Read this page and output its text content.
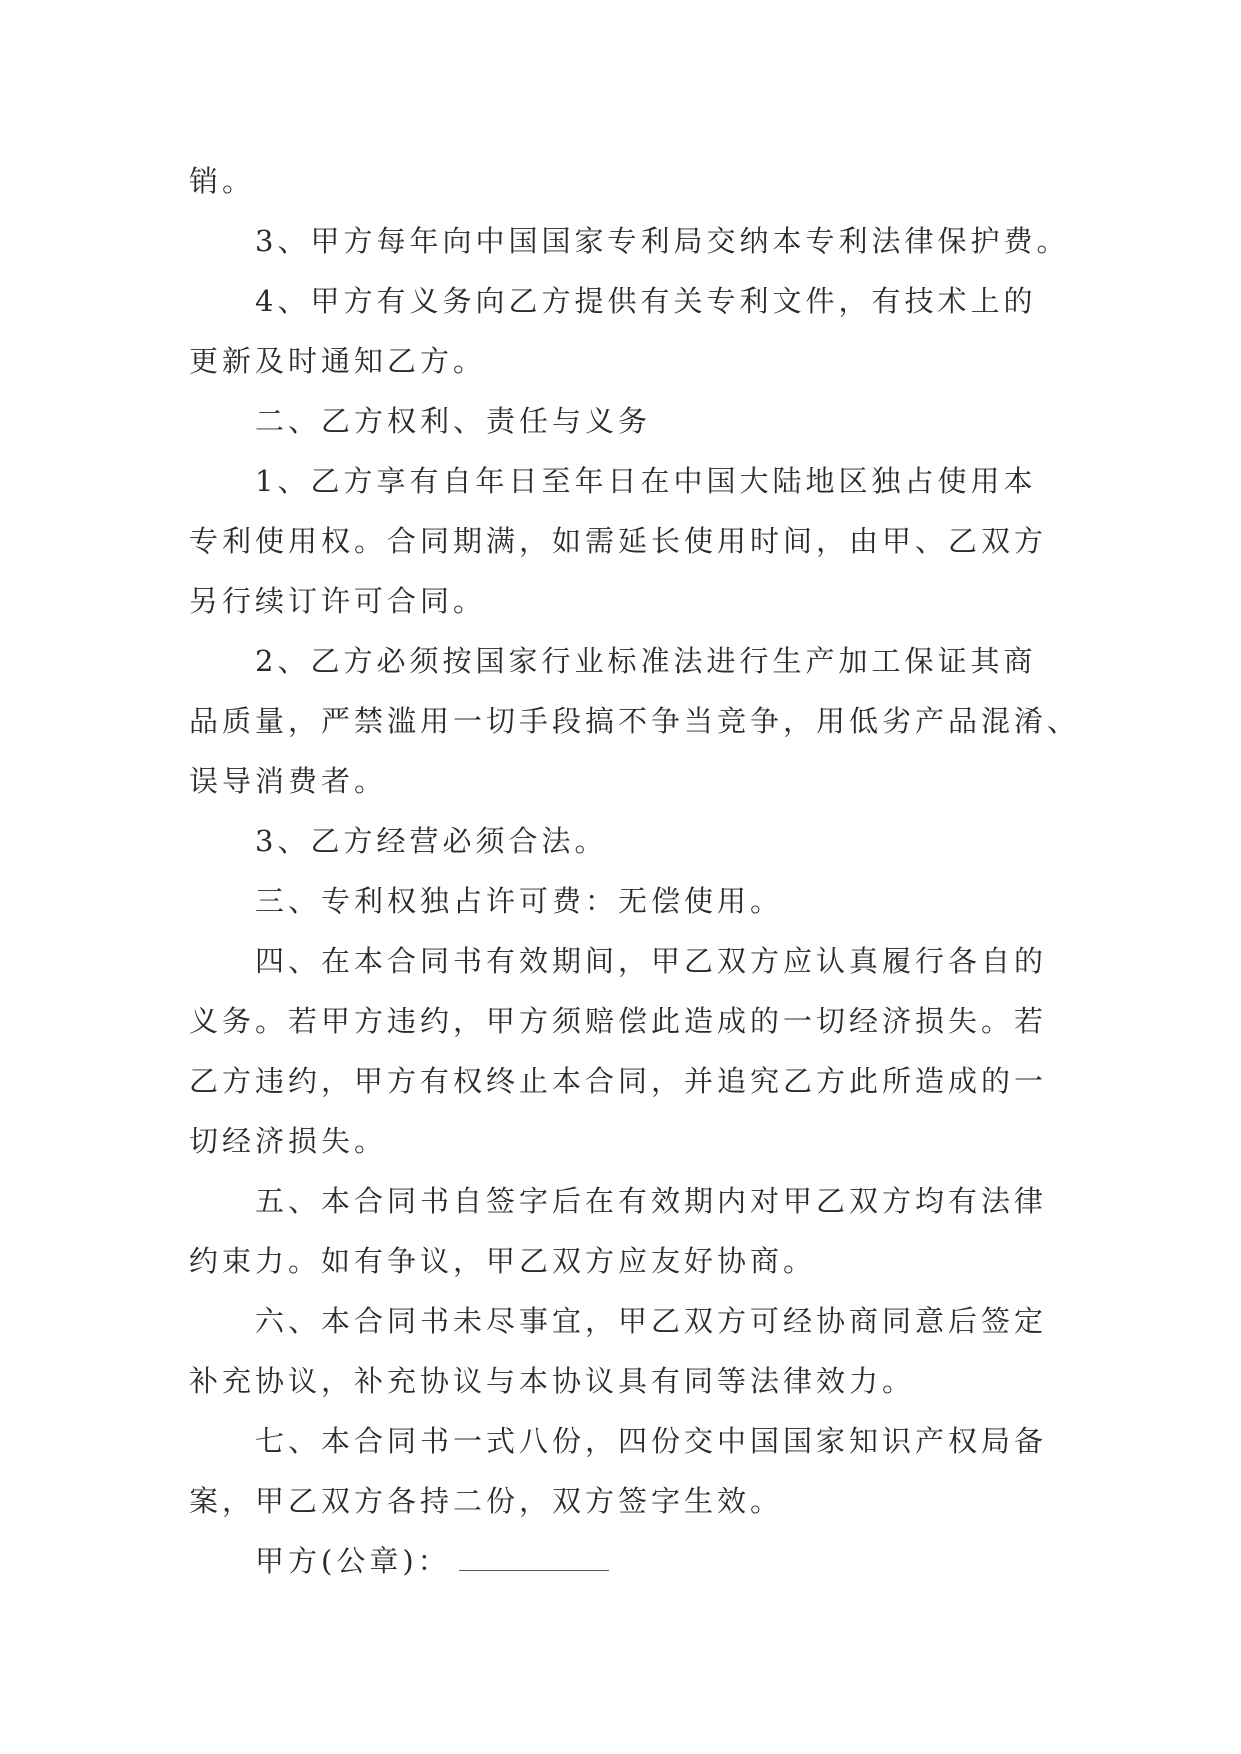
销。
3、甲方每年向中国国家专利局交纳本专利法律保护费。
4、甲方有义务向乙方提供有关专利文件，有技术上的
更新及时通知乙方。
二、乙方权利、责任与义务
1、乙方享有自年日至年日在中国大陆地区独占使用本
专利使用权。合同期满，如需延长使用时间，由甲、乙双方
另行续订许可合同。
2、乙方必须按国家行业标准法进行生产加工保证其商
品质量，严禁滥用一切手段搞不争当竞争，用低劣产品混淆、
误导消费者。
3、乙方经营必须合法。
三、专利权独占许可费：无偿使用。
四、在本合同书有效期间，甲乙双方应认真履行各自的
义务。若甲方违约，甲方须赔偿此造成的一切经济损失。若
乙方违约，甲方有权终止本合同，并追究乙方此所造成的一
切经济损失。
五、本合同书自签字后在有效期内对甲乙双方均有法律
约束力。如有争议，甲乙双方应友好协商。
六、本合同书未尽事宜，甲乙双方可经协商同意后签定
补充协议，补充协议与本协议具有同等法律效力。
七、本合同书一式八份，四份交中国国家知识产权局备
案，甲乙双方各持二份，双方签字生效。
甲方(公章)：
